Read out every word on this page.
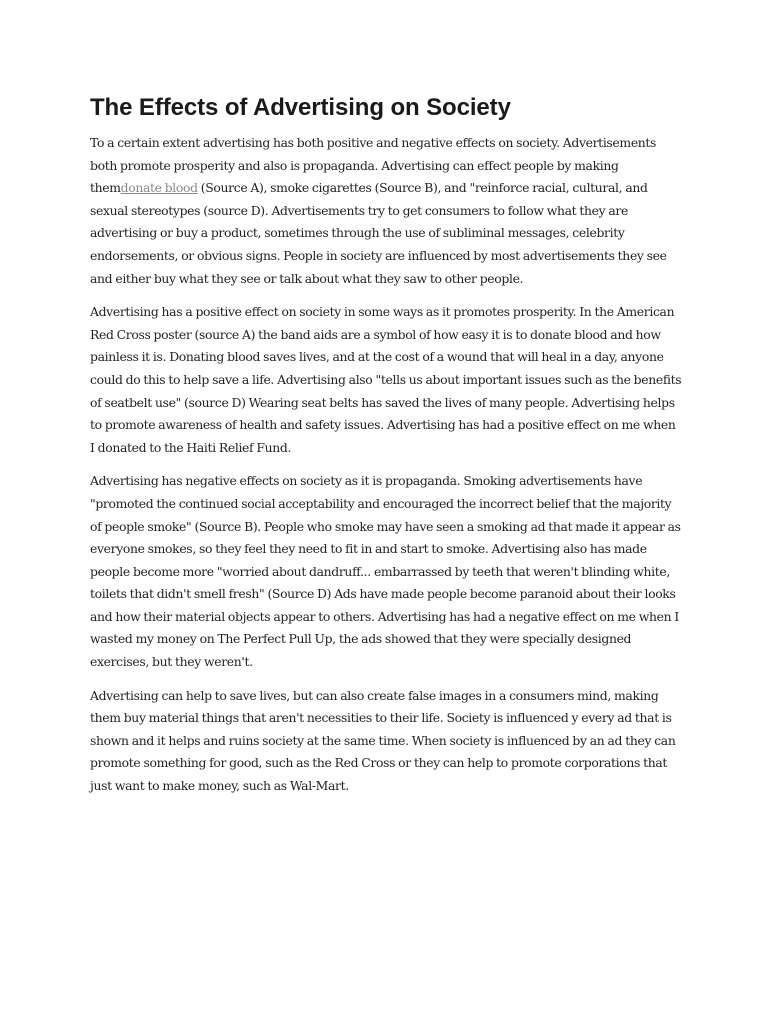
The Effects of Advertising on Society

To a certain extent advertising has both positive and negative effects on society. Advertisements both promote prosperity and also is propaganda. Advertising can effect people by making themdonate blood (Source A), smoke cigarettes (Source B), and "reinforce racial, cultural, and sexual stereotypes (source D). Advertisements try to get consumers to follow what they are advertising or buy a product, sometimes through the use of subliminal messages, celebrity endorsements, or obvious signs. People in society are influenced by most advertisements they see and either buy what they see or talk about what they saw to other people.

Advertising has a positive effect on society in some ways as it promotes prosperity. In the American Red Cross poster (source A) the band aids are a symbol of how easy it is to donate blood and how painless it is. Donating blood saves lives, and at the cost of a wound that will heal in a day, anyone could do this to help save a life. Advertising also "tells us about important issues such as the benefits of seatbelt use" (source D) Wearing seat belts has saved the lives of many people. Advertising helps to promote awareness of health and safety issues. Advertising has had a positive effect on me when I donated to the Haiti Relief Fund.

Advertising has negative effects on society as it is propaganda. Smoking advertisements have "promoted the continued social acceptability and encouraged the incorrect belief that the majority of people smoke" (Source B). People who smoke may have seen a smoking ad that made it appear as everyone smokes, so they feel they need to fit in and start to smoke. Advertising also has made people become more "worried about dandruff... embarrassed by teeth that weren't blinding white, toilets that didn't smell fresh" (Source D) Ads have made people become paranoid about their looks and how their material objects appear to others. Advertising has had a negative effect on me when I wasted my money on The Perfect Pull Up, the ads showed that they were specially designed exercises, but they weren't.

Advertising can help to save lives, but can also create false images in a consumers mind, making them buy material things that aren't necessities to their life. Society is influenced y every ad that is shown and it helps and ruins society at the same time. When society is influenced by an ad they can promote something for good, such as the Red Cross or they can help to promote corporations that just want to make money, such as Wal-Mart.
